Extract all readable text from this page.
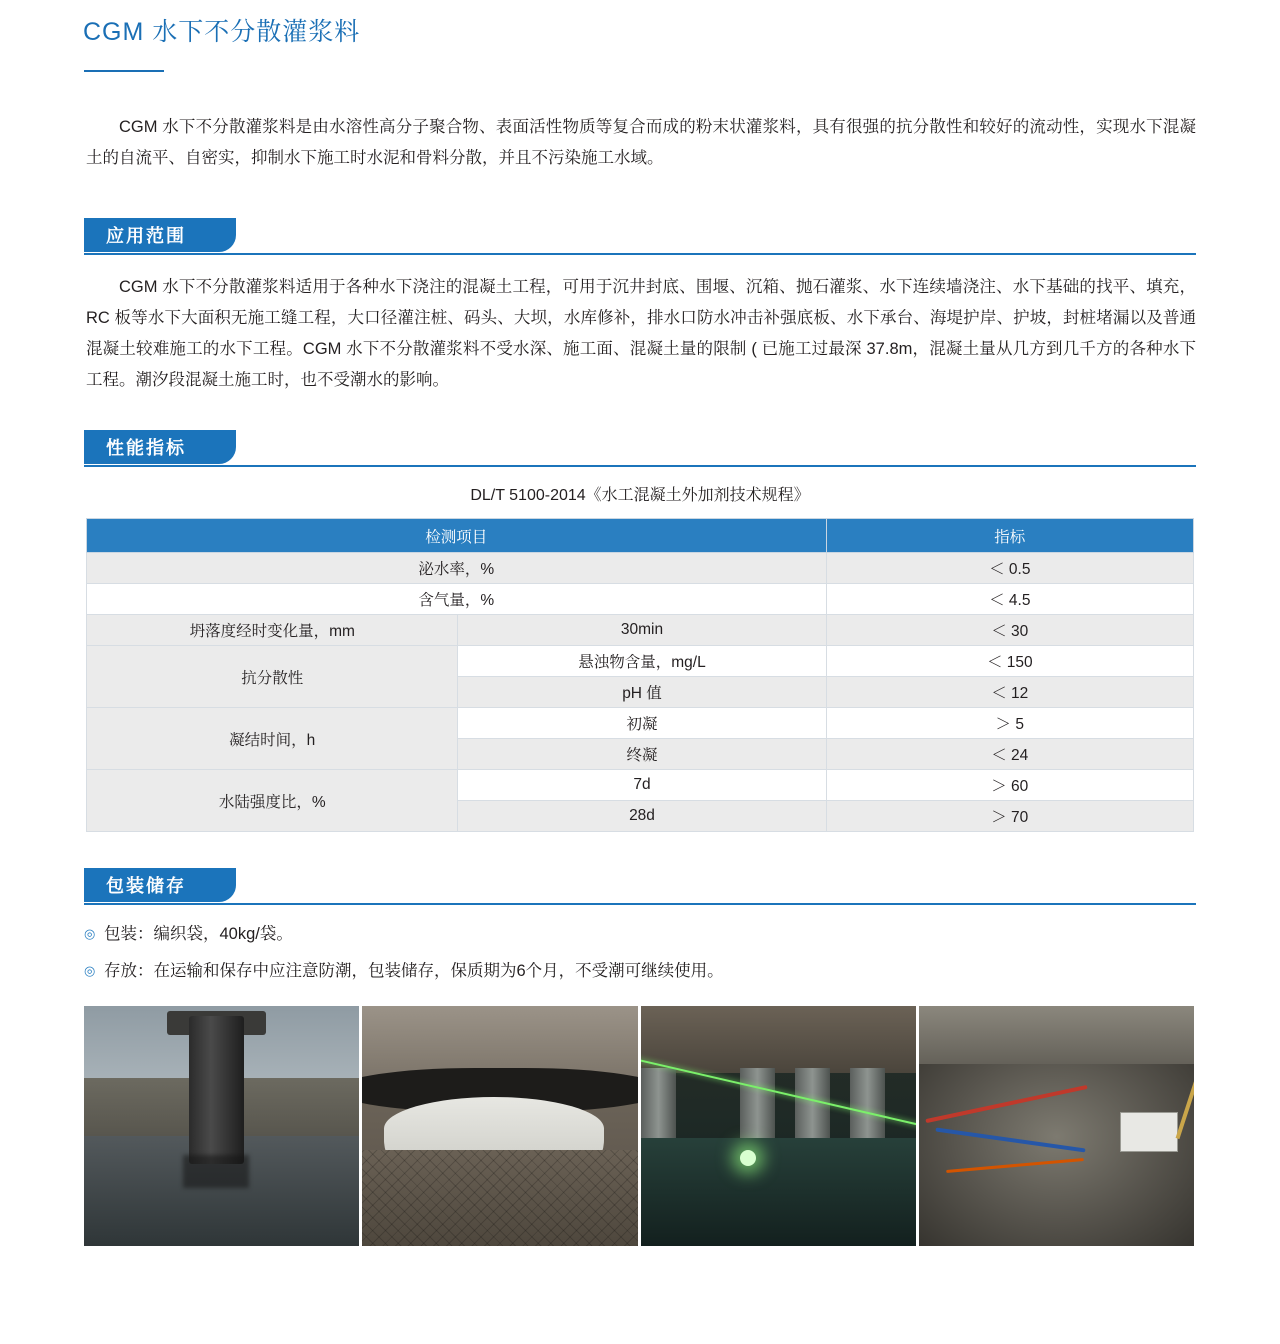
CGM 水下不分散灌浆料
CGM 水下不分散灌浆料是由水溶性高分子聚合物、表面活性物质等复合而成的粉末状灌浆料，具有很强的抗分散性和较好的流动性，实现水下混凝土的自流平、自密实，抑制水下施工时水泥和骨料分散，并且不污染施工水域。
应用范围
CGM 水下不分散灌浆料适用于各种水下浇注的混凝土工程，可用于沉井封底、围堰、沉箱、抛石灌浆、水下连续墙浇注、水下基础的找平、填充，RC 板等水下大面积无施工缝工程，大口径灌注桩、码头、大坝，水库修补，排水口防水冲击补强底板、水下承台、海堤护岸、护坡，封桩堵漏以及普通混凝土较难施工的水下工程。CGM 水下不分散灌浆料不受水深、施工面、混凝土量的限制 ( 已施工过最深 37.8m，混凝土量从几方到几千方的各种水下工程。潮汐段混凝土施工时，也不受潮水的影响。
性能指标
DL/T 5100-2014《水工混凝土外加剂技术规程》
检测项目		指标
泌水率，%		＜ 0.5
含气量，%		＜ 4.5
坍落度经时变化量，mm	30min	＜ 30
抗分散性	悬浊物含量，mg/L	＜ 150
	pH 值	＜ 12
凝结时间，h	初凝	＞ 5
	终凝	＜ 24
水陆强度比，%	7d	＞ 60
	28d	＞ 70
包装储存
◎ 包装：编织袋，40kg/袋。
◎ 存放：在运输和保存中应注意防潮，包装储存，保质期为6个月，不受潮可继续使用。
